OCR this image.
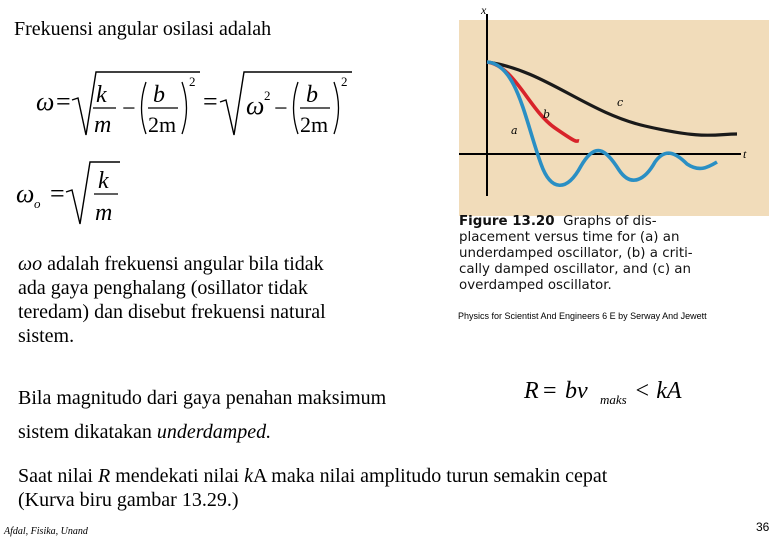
Frekuensi angular osilasi adalah
ω = k
m
−
b
2m
2
= ω 2
−
b
2m
2
ω o = k
m
ωo adalah frekuensi angular bila tidak
ada gaya penghalang (osillator tidak
teredam) dan disebut frekuensi natural
sistem.
x
t
b
a
c
Figure 13.20 Graphs of dis-
placement versus time for (a) an
underdamped oscillator, (b) a criti-
cally damped oscillator, and (c) an
overdamped oscillator.
Physics for Scientist And Engineers 6 E by Serway And Jewett
Bila magnitudo dari gaya penahan maksimum
sistem dikatakan underdamped.
R = bv maks < kA
Saat nilai R mendekati nilai kA maka nilai amplitudo turun semakin cepat
(Kurva biru gambar 13.29.)
Afdal, Fisika, Unand	36
